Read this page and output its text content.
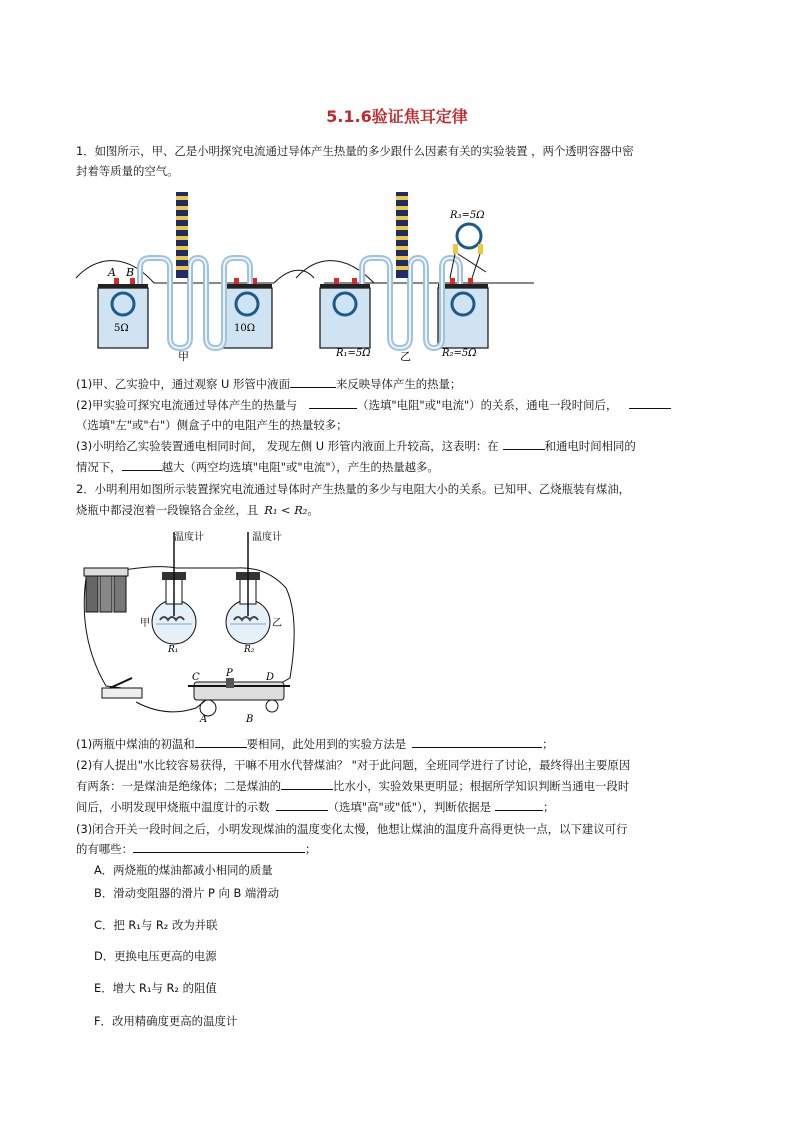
5.1.6验证焦耳定律
1．如图所示，甲、乙是小明探究电流通过导体产生热量的多少跟什么因素有关的实验装置 ，两个透明容器中密
封着等质量的空气。
A B
5Ω	10Ω
甲
R₃=5Ω
R₁=5Ω	R₂=5Ω
乙
(1)甲、乙实验中，通过观察 U 形管中液面	来反映导体产生的热量；
(2)甲实验可探究电流通过导体产生的热量与	（选填"电阻"或"电流"）的关系，通电一段时间后，
（选填"左"或"右"）侧盒子中的电阻产生的热量较多；
(3)小明给乙实验装置通电相同时间， 发现左侧 U 形管内液面上升较高，这表明：在	和通电时间相同的
情况下，	越大（两空均选填"电阻"或"电流"），产生的热量越多。
2．小明利用如图所示装置探究电流通过导体时产生热量的多少与电阻大小的关系。已知甲、乙烧瓶装有煤油，
烧瓶中都浸泡着一段镍铬合金丝，且 R₁ < R₂。
温度计	温度计
甲	乙
R₁	R₂
C	P	D
A	B
(1)两瓶中煤油的初温和	要相同，此处用到的实验方法是	；
(2)有人提出"水比较容易获得，干嘛不用水代替煤油？ "对于此问题，全班同学进行了讨论，最终得出主要原因
有两条：一是煤油是绝缘体；二是煤油的	比水小，实验效果更明显；根据所学知识判断当通电一段时
间后，小明发现甲烧瓶中温度计的示数	（选填"高"或"低"），判断依据是	；
(3)闭合开关一段时间之后，小明发现煤油的温度变化太慢，他想让煤油的温度升高得更快一点，以下建议可行
的有哪些：	；
A．两烧瓶的煤油都减小相同的质量
B．滑动变阻器的滑片 P 向 B 端滑动
C．把 R₁与 R₂ 改为并联
D．更换电压更高的电源
E．增大 R₁与 R₂ 的阻值
F．改用精确度更高的温度计
